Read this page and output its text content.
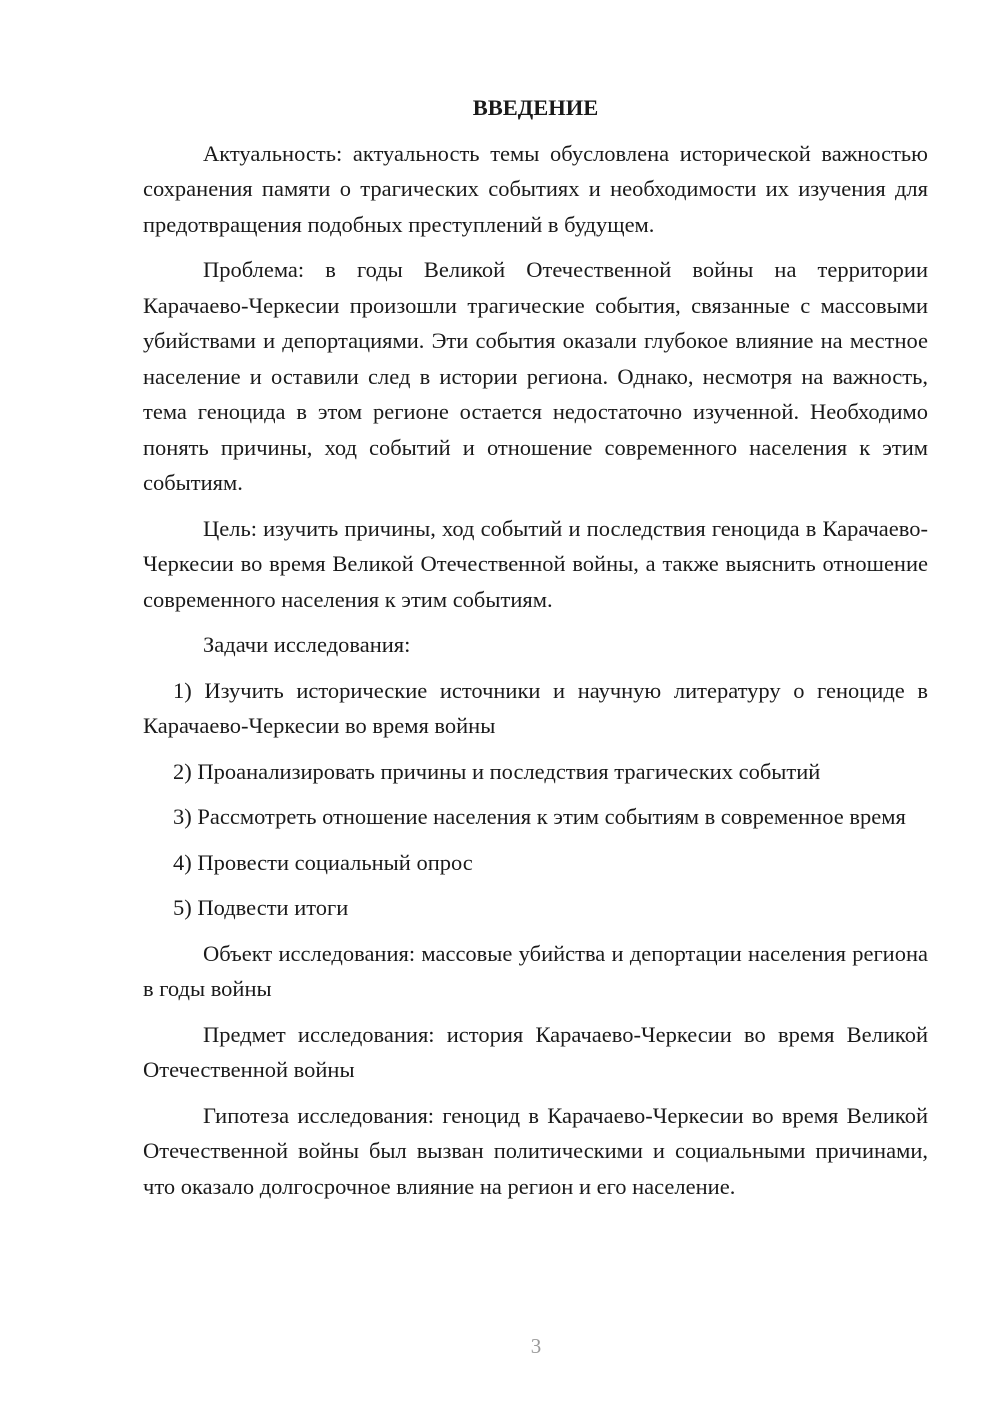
ВВЕДЕНИЕ

Актуальность: актуальность темы обусловлена исторической важностью сохранения памяти о трагических событиях и необходимости их изучения для предотвращения подобных преступлений в будущем.

Проблема: в годы Великой Отечественной войны на территории Карачаево-Черкесии произошли трагические события, связанные с массовыми убийствами и депортациями. Эти события оказали глубокое влияние на местное население и оставили след в истории региона. Однако, несмотря на важность, тема геноцида в этом регионе остается недостаточно изученной. Необходимо понять причины, ход событий и отношение современного населения к этим событиям.

Цель: изучить причины, ход событий и последствия геноцида в Карачаево-Черкесии во время Великой Отечественной войны, а также выяснить отношение современного населения к этим событиям.

Задачи исследования:

1) Изучить исторические источники и научную литературу о геноциде в Карачаево-Черкесии во время войны

2) Проанализировать причины и последствия трагических событий

3) Рассмотреть отношение населения к этим событиям в современное время

4) Провести социальный опрос

5) Подвести итоги

Объект исследования: массовые убийства и депортации населения региона в годы войны

Предмет исследования: история Карачаево-Черкесии во время Великой Отечественной войны

Гипотеза исследования: геноцид в Карачаево-Черкесии во время Великой Отечественной войны был вызван политическими и социальными причинами, что оказало долгосрочное влияние на регион и его население.

3
